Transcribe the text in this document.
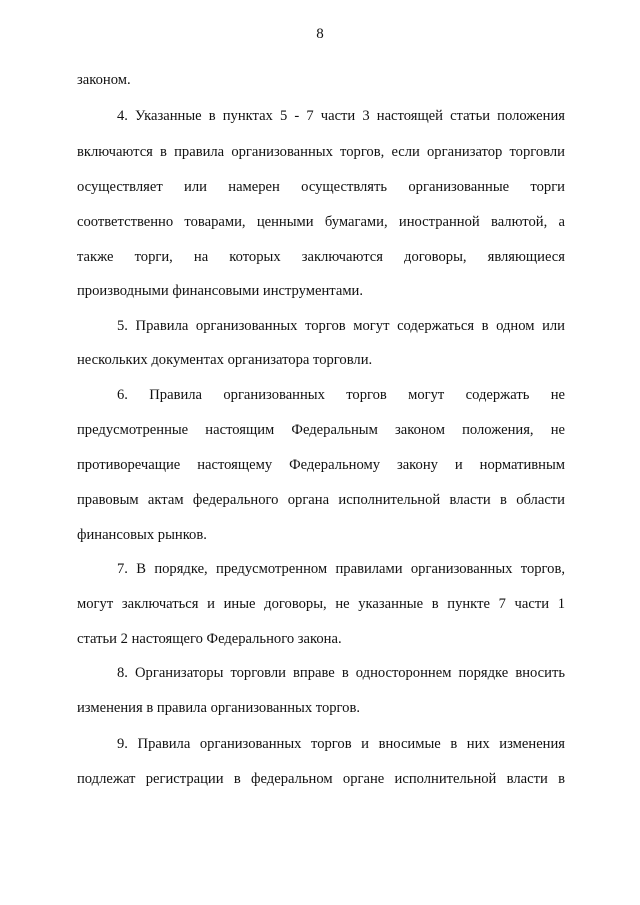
8
законом.
4. Указанные в пунктах 5 - 7 части 3 настоящей статьи положения
включаются в правила организованных торгов, если организатор торговли
осуществляет или намерен осуществлять организованные торги
соответственно товарами, ценными бумагами, иностранной валютой, а
также торги, на которых заключаются договоры, являющиеся
производными финансовыми инструментами.
5. Правила организованных торгов могут содержаться в одном или
нескольких документах организатора торговли.
6. Правила организованных торгов могут содержать не
предусмотренные настоящим Федеральным законом положения, не
противоречащие настоящему Федеральному закону и нормативным
правовым актам федерального органа исполнительной власти в области
финансовых рынков.
7. В порядке, предусмотренном правилами организованных торгов,
могут заключаться и иные договоры, не указанные в пункте 7 части 1
статьи 2 настоящего Федерального закона.
8. Организаторы торговли вправе в одностороннем порядке вносить
изменения в правила организованных торгов.
9. Правила организованных торгов и вносимые в них изменения
подлежат регистрации в федеральном органе исполнительной власти в
